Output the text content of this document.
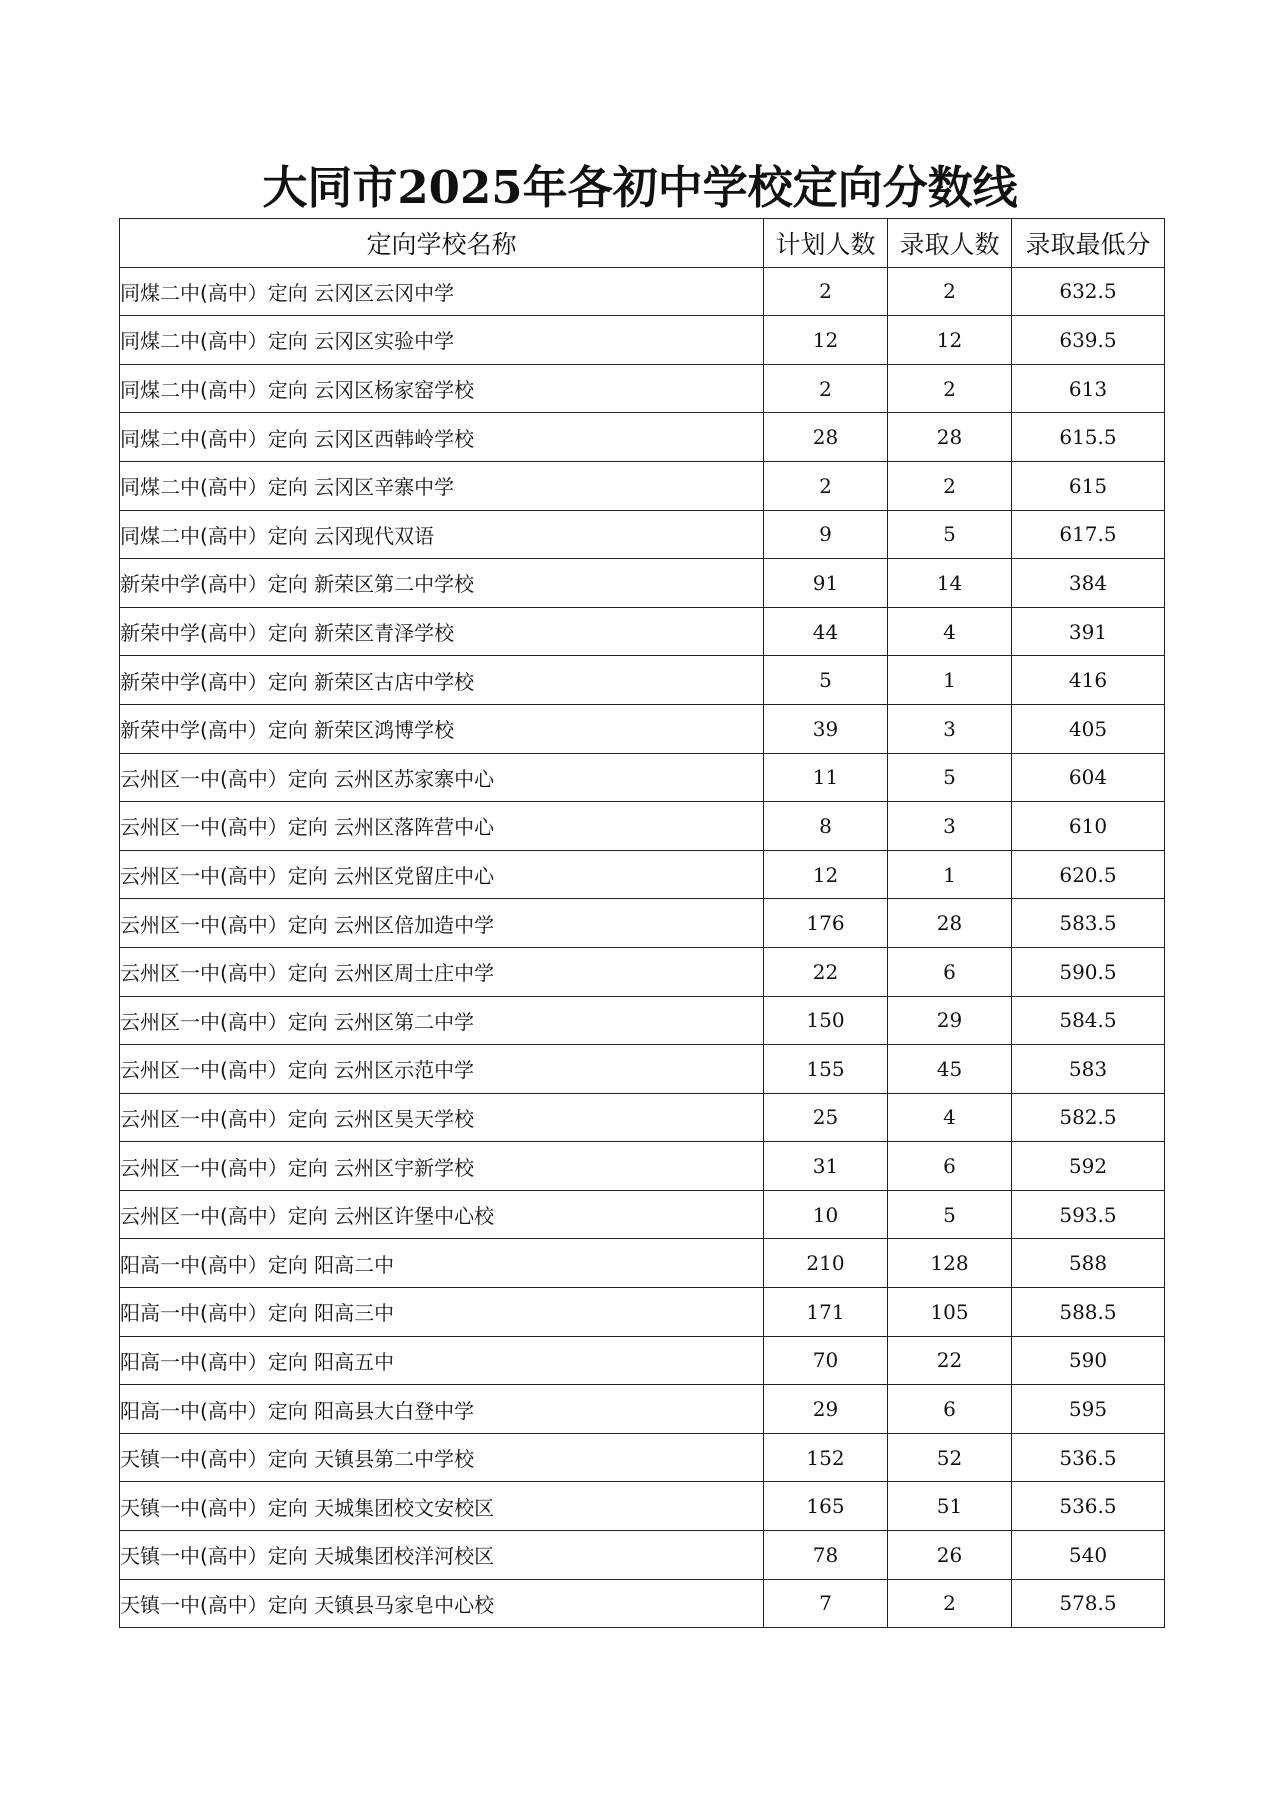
大同市2025年各初中学校定向分数线
定向学校名称	计划人数	录取人数	录取最低分
同煤二中(高中）定向 云冈区云冈中学	2	2	632.5
同煤二中(高中）定向 云冈区实验中学	12	12	639.5
同煤二中(高中）定向 云冈区杨家窑学校	2	2	613
同煤二中(高中）定向 云冈区西韩岭学校	28	28	615.5
同煤二中(高中）定向 云冈区辛寨中学	2	2	615
同煤二中(高中）定向 云冈现代双语	9	5	617.5
新荣中学(高中）定向 新荣区第二中学校	91	14	384
新荣中学(高中）定向 新荣区青泽学校	44	4	391
新荣中学(高中）定向 新荣区古店中学校	5	1	416
新荣中学(高中）定向 新荣区鸿博学校	39	3	405
云州区一中(高中）定向 云州区苏家寨中心	11	5	604
云州区一中(高中）定向 云州区落阵营中心	8	3	610
云州区一中(高中）定向 云州区党留庄中心	12	1	620.5
云州区一中(高中）定向 云州区倍加造中学	176	28	583.5
云州区一中(高中）定向 云州区周士庄中学	22	6	590.5
云州区一中(高中）定向 云州区第二中学	150	29	584.5
云州区一中(高中）定向 云州区示范中学	155	45	583
云州区一中(高中）定向 云州区昊天学校	25	4	582.5
云州区一中(高中）定向 云州区宇新学校	31	6	592
云州区一中(高中）定向 云州区许堡中心校	10	5	593.5
阳高一中(高中）定向 阳高二中	210	128	588
阳高一中(高中）定向 阳高三中	171	105	588.5
阳高一中(高中）定向 阳高五中	70	22	590
阳高一中(高中）定向 阳高县大白登中学	29	6	595
天镇一中(高中）定向 天镇县第二中学校	152	52	536.5
天镇一中(高中）定向 天城集团校文安校区	165	51	536.5
天镇一中(高中）定向 天城集团校洋河校区	78	26	540
天镇一中(高中）定向 天镇县马家皂中心校	7	2	578.5
